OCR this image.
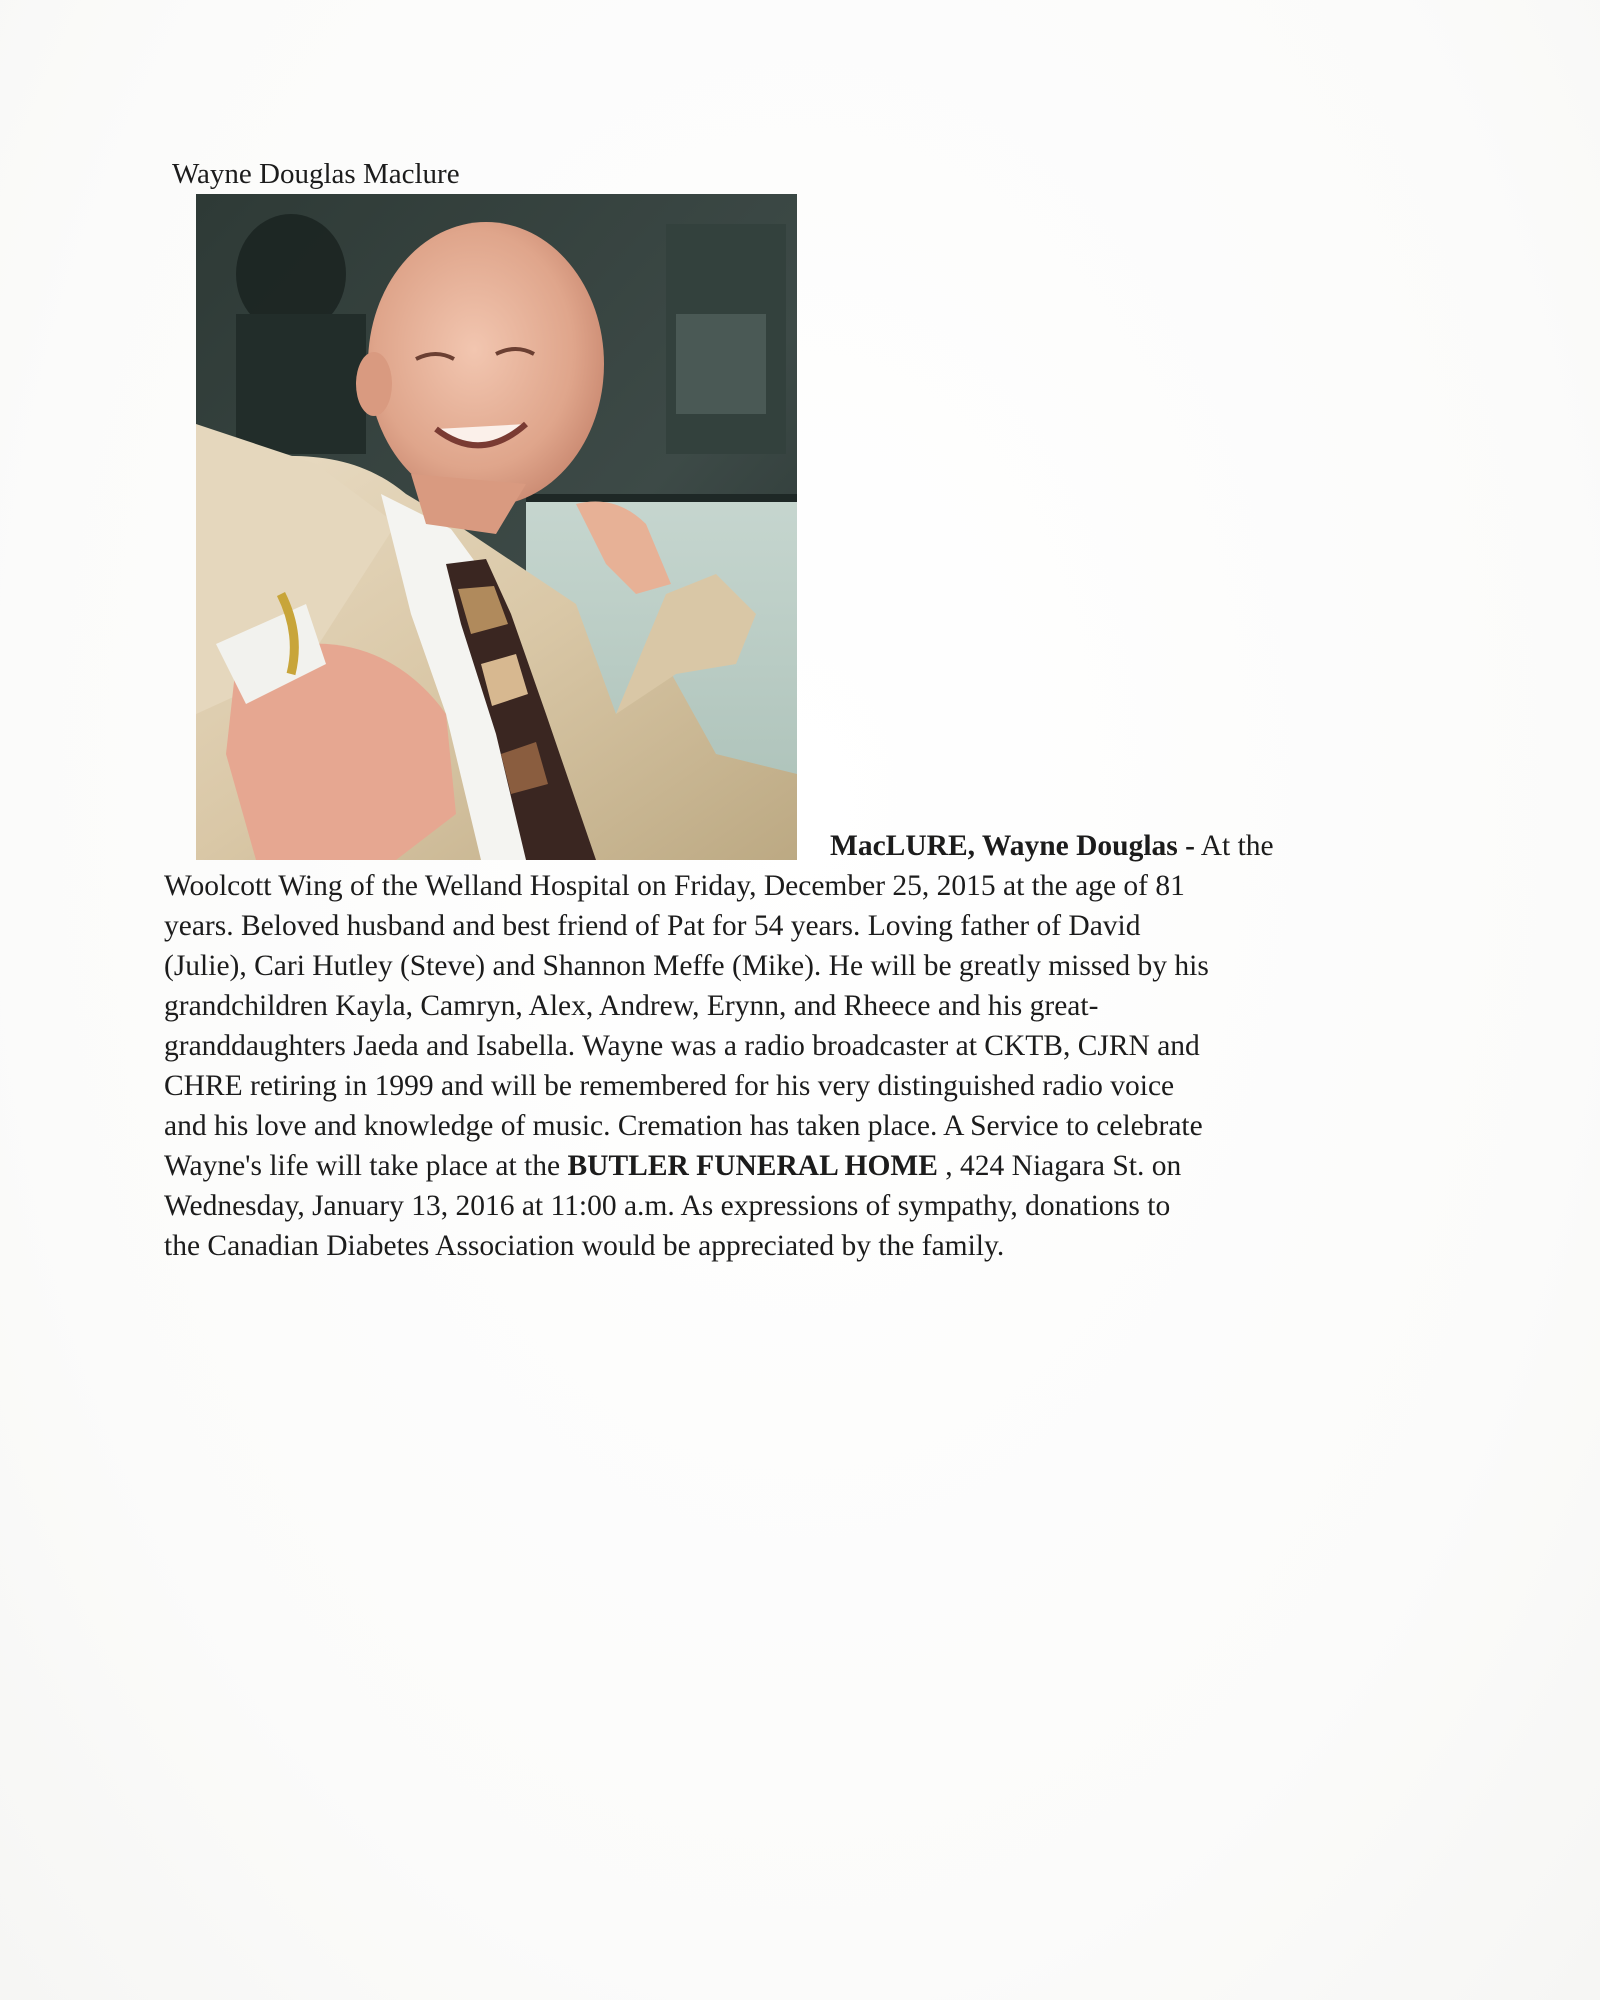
Wayne Douglas Maclure
MacLURE, Wayne Douglas - At the
Woolcott Wing of the Welland Hospital on Friday, December 25, 2015 at the age of 81
years. Beloved husband and best friend of Pat for 54 years. Loving father of David
(Julie), Cari Hutley (Steve) and Shannon Meffe (Mike). He will be greatly missed by his
grandchildren Kayla, Camryn, Alex, Andrew, Erynn, and Rheece and his great-
granddaughters Jaeda and Isabella. Wayne was a radio broadcaster at CKTB, CJRN and
CHRE retiring in 1999 and will be remembered for his very distinguished radio voice
and his love and knowledge of music. Cremation has taken place. A Service to celebrate
Wayne's life will take place at the BUTLER FUNERAL HOME , 424 Niagara St. on
Wednesday, January 13, 2016 at 11:00 a.m. As expressions of sympathy, donations to
the Canadian Diabetes Association would be appreciated by the family.
